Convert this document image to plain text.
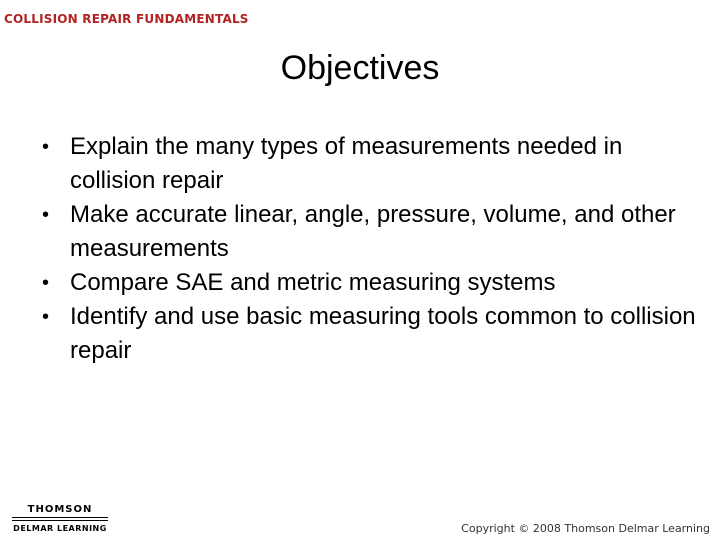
COLLISION REPAIR FUNDAMENTALS
Objectives
• Explain the many types of measurements needed in collision repair
• Make accurate linear, angle, pressure, volume, and other measurements
• Compare SAE and metric measuring systems
• Identify and use basic measuring tools common to collision repair
THOMSON
DELMAR LEARNING	Copyright © 2008 Thomson Delmar Learning
